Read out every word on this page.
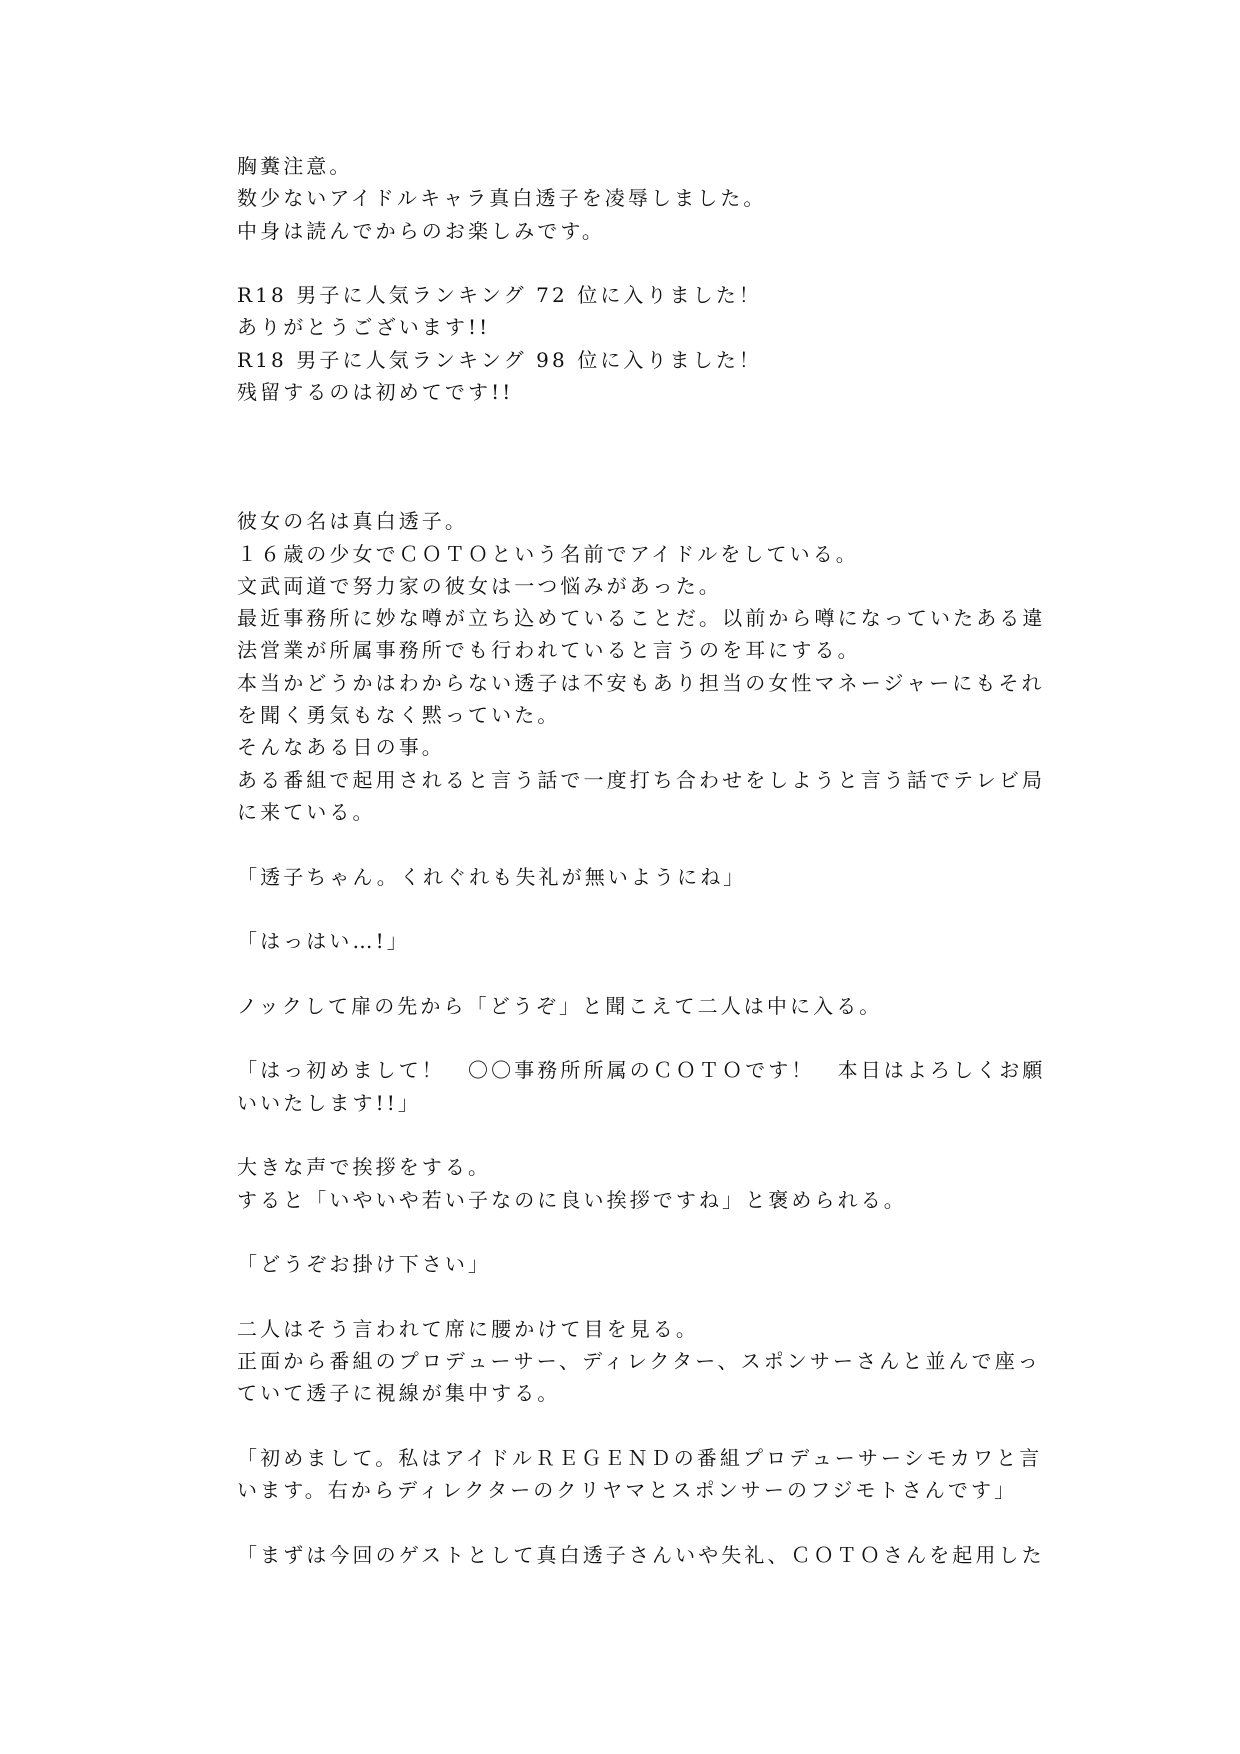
胸糞注意。
数少ないアイドルキャラ真白透子を凌辱しました。
中身は読んでからのお楽しみです。
R18 男子に人気ランキング 72 位に入りました！
ありがとうございます!!
R18 男子に人気ランキング 98 位に入りました！
残留するのは初めてです!!
彼女の名は真白透子。
１６歳の少女でＣＯＴＯという名前でアイドルをしている。
文武両道で努力家の彼女は一つ悩みがあった。
最近事務所に妙な噂が立ち込めていることだ。以前から噂になっていたある違
法営業が所属事務所でも行われていると言うのを耳にする。
本当かどうかはわからない透子は不安もあり担当の女性マネージャーにもそれ
を聞く勇気もなく黙っていた。
そんなある日の事。
ある番組で起用されると言う話で一度打ち合わせをしようと言う話でテレビ局
に来ている。
「透子ちゃん。くれぐれも失礼が無いようにね」
「はっはい…!」
ノックして扉の先から「どうぞ」と聞こえて二人は中に入る。
「はっ初めまして！　〇〇事務所所属のＣＯＴＯです！　本日はよろしくお願
いいたします!!」
大きな声で挨拶をする。
すると「いやいや若い子なのに良い挨拶ですね」と褒められる。
「どうぞお掛け下さい」
二人はそう言われて席に腰かけて目を見る。
正面から番組のプロデューサー、ディレクター、スポンサーさんと並んで座っ
ていて透子に視線が集中する。
「初めまして。私はアイドルＲＥＧＥＮＤの番組プロデューサーシモカワと言
います。右からディレクターのクリヤマとスポンサーのフジモトさんです」
「まずは今回のゲストとして真白透子さんいや失礼、ＣＯＴＯさんを起用した
